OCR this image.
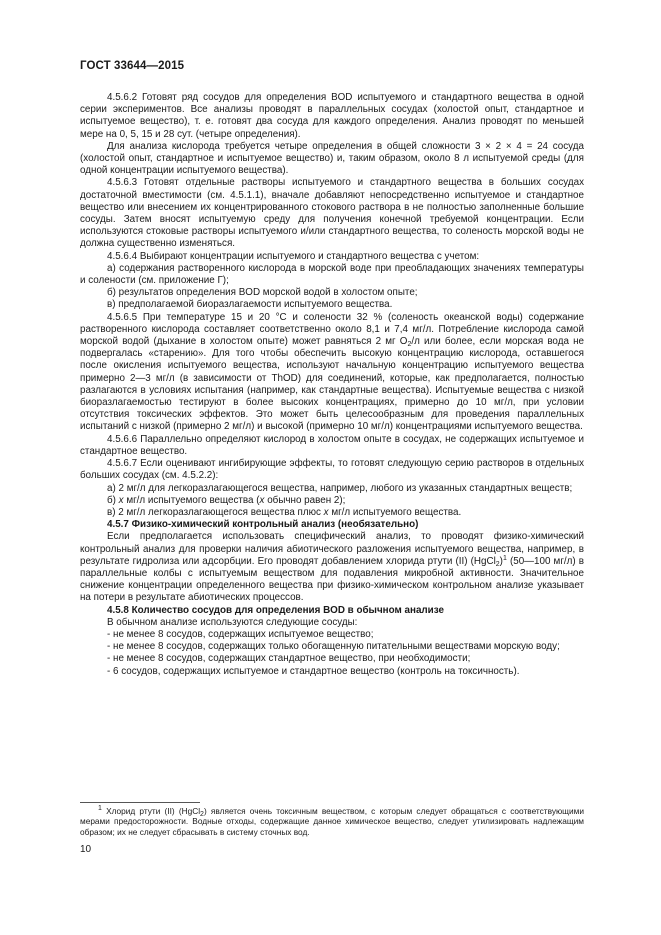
ГОСТ 33644—2015

4.5.6.2 Готовят ряд сосудов для определения BOD испытуемого и стандартного вещества в одной серии экспериментов. Все анализы проводят в параллельных сосудах (холостой опыт, стандартное и испытуемое вещество), т. е. готовят два сосуда для каждого определения. Анализ проводят по меньшей мере на 0, 5, 15 и 28 сут. (четыре определения).

Для анализа кислорода требуется четыре определения в общей сложности 3 × 2 × 4 = 24 сосуда (холостой опыт, стандартное и испытуемое вещество) и, таким образом, около 8 л испытуемой среды (для одной концентрации испытуемого вещества).

4.5.6.3 Готовят отдельные растворы испытуемого и стандартного вещества в больших сосудах достаточной вместимости (см. 4.5.1.1), вначале добавляют непосредственно испытуемое и стандартное вещество или внесением их концентрированного стокового раствора в не полностью заполненные большие сосуды. Затем вносят испытуемую среду для получения конечной требуемой концентрации. Если используются стоковые растворы испытуемого и/или стандартного вещества, то соленость морской воды не должна существенно изменяться.

4.5.6.4 Выбирают концентрации испытуемого и стандартного вещества с учетом:

а) содержания растворенного кислорода в морской воде при преобладающих значениях температуры и солености (см. приложение Г);

б) результатов определения BOD морской водой в холостом опыте;

в) предполагаемой биоразлагаемости испытуемого вещества.

4.5.6.5 При температуре 15 и 20 °С и солености 32 % (соленость океанской воды) содержание растворенного кислорода составляет соответственно около 8,1 и 7,4 мг/л. Потребление кислорода самой морской водой (дыхание в холостом опыте) может равняться 2 мг $O_2/л$ или более, если морская вода не подвергалась «старению». Для того чтобы обеспечить высокую концентрацию кислорода, оставшегося после окисления испытуемого вещества, используют начальную концентрацию испытуемого вещества примерно 2—3 мг/л (в зависимости от ThOD) для соединений, которые, как предполагается, полностью разлагаются в условиях испытания (например, как стандартные вещества). Испытуемые вещества с низкой биоразлагаемостью тестируют в более высоких концентрациях, примерно до 10 мг/л, при условии отсутствия токсических эффектов. Это может быть целесообразным для проведения параллельных испытаний с низкой (примерно 2 мг/л) и высокой (примерно 10 мг/л) концентрациями испытуемого вещества.

4.5.6.6 Параллельно определяют кислород в холостом опыте в сосудах, не содержащих испытуемое и стандартное вещество.

4.5.6.7 Если оценивают ингибирующие эффекты, то готовят следующую серию растворов в отдельных больших сосудах (см. 4.5.2.2):

а) 2 мг/л для легкоразлагающегося вещества, например, любого из указанных стандартных веществ;

б) x мг/л испытуемого вещества (x обычно равен 2);

в) 2 мг/л легкоразлагающегося вещества плюс x мг/л испытуемого вещества.

4.5.7 Физико-химический контрольный анализ (необязательно)

Если предполагается использовать специфический анализ, то проводят физико-химический контрольный анализ для проверки наличия абиотического разложения испытуемого вещества, например, в результате гидролиза или адсорбции. Его проводят добавлением хлорида ртути (II) (HgCl$_2$)$^1$ (50—100 мг/л) в параллельные колбы с испытуемым веществом для подавления микробной активности. Значительное снижение концентрации определенного вещества при физико-химическом контрольном анализе указывает на потери в результате абиотических процессов.

4.5.8 Количество сосудов для определения BOD в обычном анализе

В обычном анализе используются следующие сосуды:

- не менее 8 сосудов, содержащих испытуемое вещество;

- не менее 8 сосудов, содержащих только обогащенную питательными веществами морскую воду;

- не менее 8 сосудов, содержащих стандартное вещество, при необходимости;

- 6 сосудов, содержащих испытуемое и стандартное вещество (контроль на токсичность).

$^1$ Хлорид ртути (II) (HgCl$_2$) является очень токсичным веществом, с которым следует обращаться с соответствующими мерами предосторожности. Водные отходы, содержащие данное химическое вещество, следует утилизировать надлежащим образом; их не следует сбрасывать в систему сточных вод.

10
